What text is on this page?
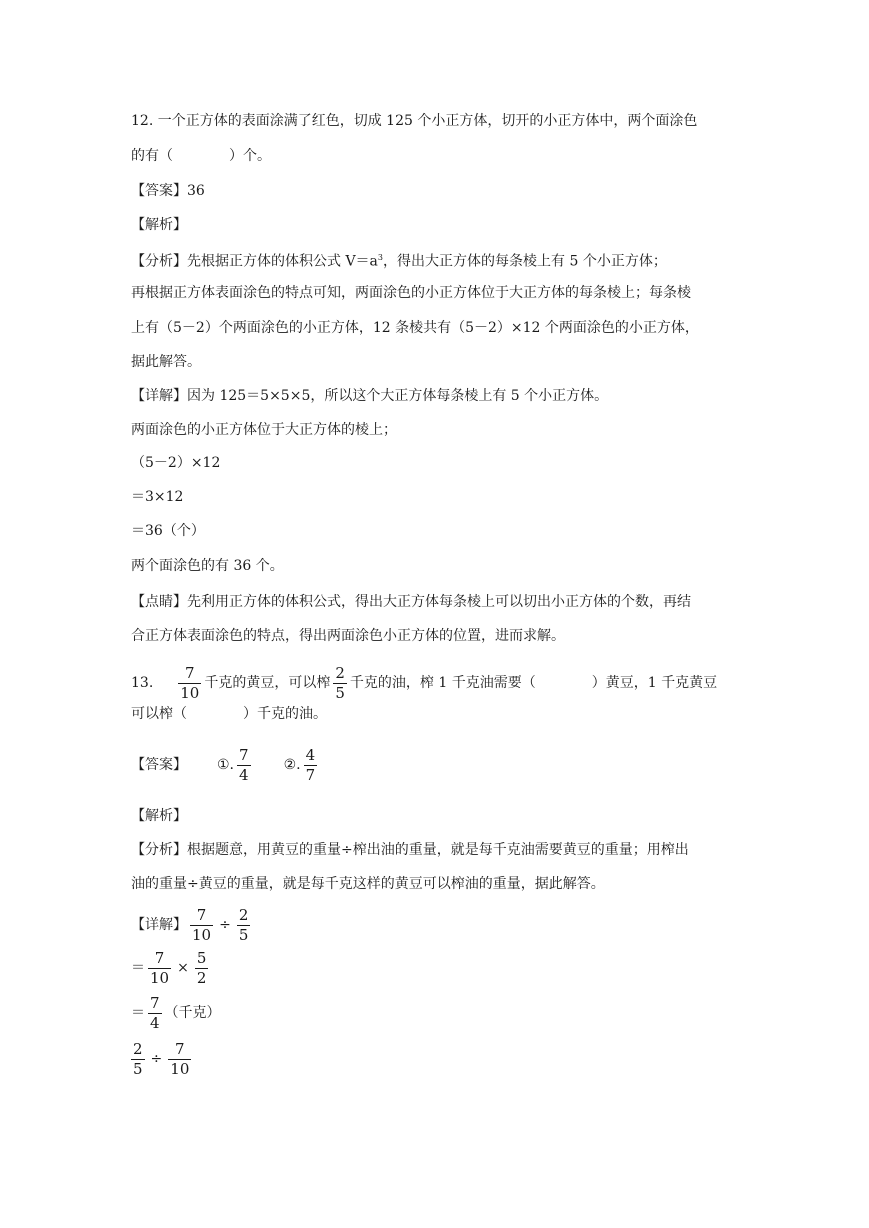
12. 一个正方体的表面涂满了红色，切成 125 个小正方体，切开的小正方体中，两个面涂色
的有（　　　　）个。
【答案】36
【解析】
【分析】先根据正方体的体积公式 $V=a^3$，得出大正方体的每条棱上有 5 个小正方体；
再根据正方体表面涂色的特点可知，两面涂色的小正方体位于大正方体的每条棱上；每条棱
上有（5－2）个两面涂色的小正方体，12 条棱共有（5－2）×12 个两面涂色的小正方体，
据此解答。
【详解】因为 125＝5×5×5，所以这个大正方体每条棱上有 5 个小正方体。
两面涂色的小正方体位于大正方体的棱上；
（5－2）×12
＝3×12
＝36（个）
两个面涂色的有 36 个。
【点睛】先利用正方体的体积公式，得出大正方体每条棱上可以切出小正方体的个数，再结
合正方体表面涂色的特点，得出两面涂色小正方体的位置，进而求解。
13. $\frac{7}{10}$ 千克的黄豆，可以榨 $\frac{2}{5}$ 千克的油，榨 1 千克油需要（　　　　）黄豆，1 千克黄豆
可以榨（　　　　）千克的油。
【答案】 ①. $\frac{7}{4}$ ②. $\frac{4}{7}$
【解析】
【分析】根据题意，用黄豆的重量÷榨出油的重量，就是每千克油需要黄豆的重量；用榨出
油的重量÷黄豆的重量，就是每千克这样的黄豆可以榨油的重量，据此解答。
【详解】 $\frac{7}{10} \div \frac{2}{5}$
＝ $\frac{7}{10} \times \frac{5}{2}$
＝ $\frac{7}{4}$ （千克）
$\frac{2}{5} \div \frac{7}{10}$
